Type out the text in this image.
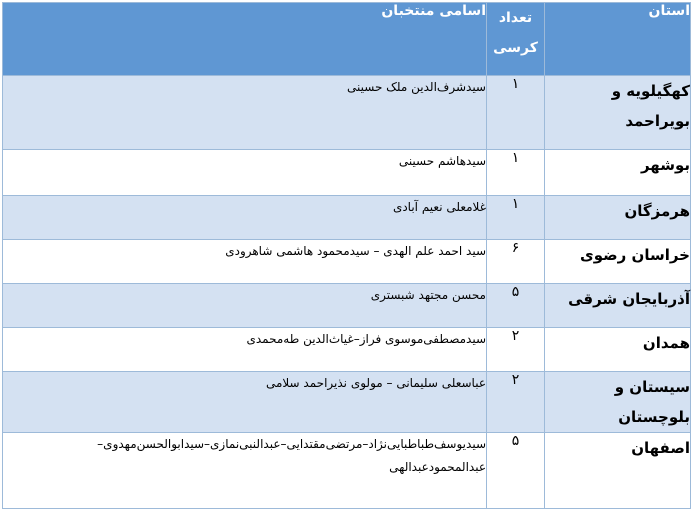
استان	تعداد کرسی	اسامی منتخبان
کهگیلویه و بویراحمد	۱	سیدشرف‌الدین ملک حسینی
بوشهر	۱	سیدهاشم حسینی
هرمزگان	۱	غلامعلی نعیم آبادی
خراسان رضوی	۶	سید احمد علم الهدی – سیدمحمود هاشمی شاهرودی
آذربایجان شرقی	۵	محسن مجتهد شبستری
همدان	۲	سیدمصطفی‌موسوی فراز–غیاث‌الدین طه‌محمدی
سیستان و بلوچستان	۲	عباسعلی سلیمانی – مولوی نذیراحمد سلامی
اصفهان	۵	سیدیوسف‌طباطبایی‌نژاد–مرتضی‌مقتدایی–عبدالنبی‌نمازی–سیدابوالحسن‌مهدوی–عبدالمحمودعبدالهی
